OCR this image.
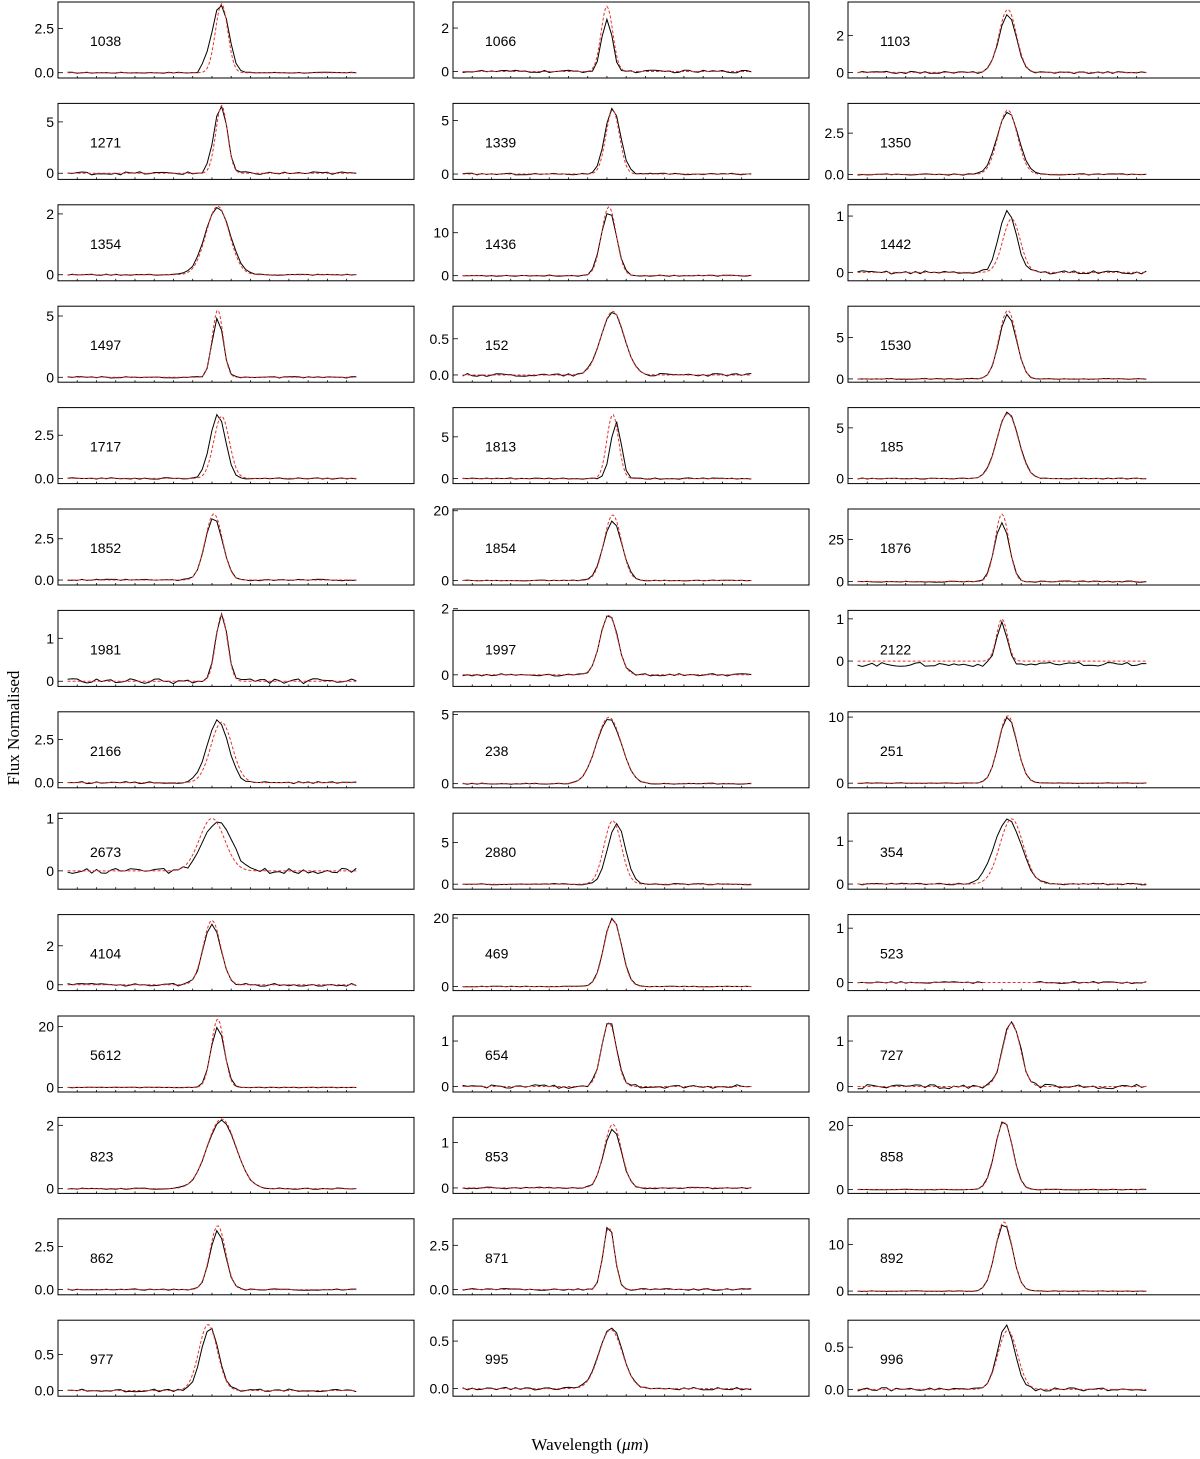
0.0
2.5
1038
0
2
1066
0
2	1103
0
5
1271
0
5
1339
0.0
2.5
1350
0
2
1354
0
10
1436
0
1
1442
0
5
1497
0.0
0.5	152
0
5	1530
0.0
2.5
1717
0
5
1813
0
5
185
0.0
2.5
1852
0
20
1854
0
25
1876
0
1
1981
0
2
1997
0
1
2122
0.0
2.5
2166
0
5
238
0
10
251
0
1
2673
0
5
2880
0
1
354
0
2	4104
0
20
469
0
1
523
0
20
5612
0
1
654
0
1
727
0
2
823
0
1
853
0
20
858
0.0
2.5
862
0.0
2.5
871
0
10
892
0.0
0.5	977
0.0
0.5
995
0.0
0.5
996
Flux Normalised
Wavelength (μm)
